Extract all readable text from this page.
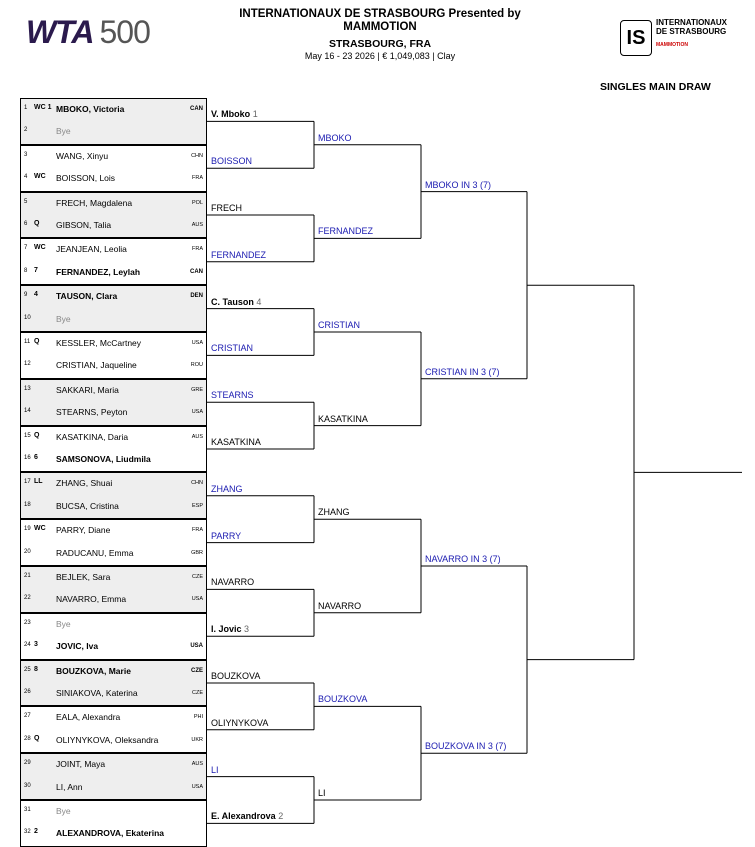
WTA 500	INTERNATIONAUX DE STRASBOURG Presented by MAMMOTION
STRASBOURG, FRA
May 16 - 23 2026 | € 1,049,083 | Clay
IS
INTERNATIONAUX
DE STRASBOURG
MAMMOTION
SINGLES MAIN DRAW
1 WC 1 MBOKO, Victoria	CAN
2	Bye
3	WANG, Xinyu	CHN
4 WC BOISSON, Lois	FRA
5	FRECH, Magdalena	POL
6 Q GIBSON, Talia	AUS
7 WC JEANJEAN, Leolia	FRA
8 7 FERNANDEZ, Leylah	CAN
9 4 TAUSON, Clara	DEN
10	Bye
11 Q KESSLER, McCartney	USA
12	CRISTIAN, Jaqueline	ROU
13	SAKKARI, Maria	GRE
14	STEARNS, Peyton	USA
15 Q KASATKINA, Daria	AUS
16 6 SAMSONOVA, Liudmila
17 LL ZHANG, Shuai	CHN
18	BUCSA, Cristina	ESP
19 WC PARRY, Diane	FRA
20	RADUCANU, Emma	GBR
21	BEJLEK, Sara	CZE
22	NAVARRO, Emma	USA
23	Bye
24 3 JOVIC, Iva	USA
25 8 BOUZKOVA, Marie	CZE
26	SINIAKOVA, Katerina	CZE
27	EALA, Alexandra	PHI
28 Q OLIYNYKOVA, Oleksandra	UKR
29	JOINT, Maya	AUS
30	LI, Ann	USA
31	Bye
32 2 ALEXANDROVA, Ekaterina
V. Mboko 1
BOISSON
FRECH
FERNANDEZ
C. Tauson 4
CRISTIAN
STEARNS
KASATKINA
ZHANG
PARRY
NAVARRO
I. Jovic 3
BOUZKOVA
OLIYNYKOVA
LI
E. Alexandrova 2
MBOKO
FERNANDEZ
CRISTIAN
KASATKINA
ZHANG
NAVARRO
BOUZKOVA
LI
MBOKO IN 3 (7)
CRISTIAN IN 3 (7)
NAVARRO IN 3 (7)
BOUZKOVA IN 3 (7)
